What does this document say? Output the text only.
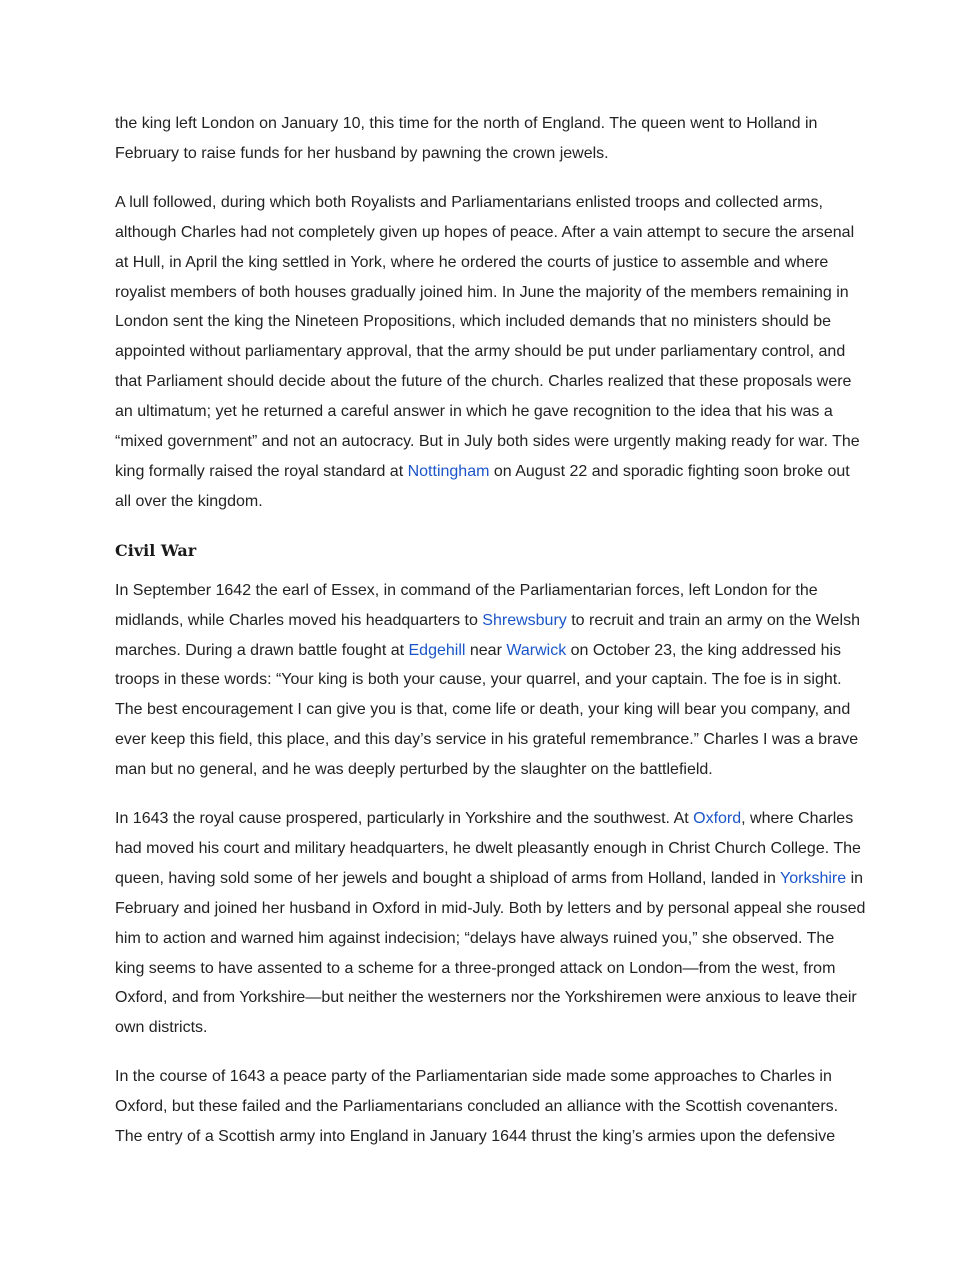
the king left London on January 10, this time for the north of England. The queen went to Holland in February to raise funds for her husband by pawning the crown jewels.

A lull followed, during which both Royalists and Parliamentarians enlisted troops and collected arms, although Charles had not completely given up hopes of peace. After a vain attempt to secure the arsenal at Hull, in April the king settled in York, where he ordered the courts of justice to assemble and where royalist members of both houses gradually joined him. In June the majority of the members remaining in London sent the king the Nineteen Propositions, which included demands that no ministers should be appointed without parliamentary approval, that the army should be put under parliamentary control, and that Parliament should decide about the future of the church. Charles realized that these proposals were an ultimatum; yet he returned a careful answer in which he gave recognition to the idea that his was a “mixed government” and not an autocracy. But in July both sides were urgently making ready for war. The king formally raised the royal standard at Nottingham on August 22 and sporadic fighting soon broke out all over the kingdom.

Civil War

In September 1642 the earl of Essex, in command of the Parliamentarian forces, left London for the midlands, while Charles moved his headquarters to Shrewsbury to recruit and train an army on the Welsh marches. During a drawn battle fought at Edgehill near Warwick on October 23, the king addressed his troops in these words: “Your king is both your cause, your quarrel, and your captain. The foe is in sight. The best encouragement I can give you is that, come life or death, your king will bear you company, and ever keep this field, this place, and this day’s service in his grateful remembrance.” Charles I was a brave man but no general, and he was deeply perturbed by the slaughter on the battlefield.

In 1643 the royal cause prospered, particularly in Yorkshire and the southwest. At Oxford, where Charles had moved his court and military headquarters, he dwelt pleasantly enough in Christ Church College. The queen, having sold some of her jewels and bought a shipload of arms from Holland, landed in Yorkshire in February and joined her husband in Oxford in mid-July. Both by letters and by personal appeal she roused him to action and warned him against indecision; “delays have always ruined you,” she observed. The king seems to have assented to a scheme for a three-pronged attack on London—from the west, from Oxford, and from Yorkshire—but neither the westerners nor the Yorkshiremen were anxious to leave their own districts.

In the course of 1643 a peace party of the Parliamentarian side made some approaches to Charles in Oxford, but these failed and the Parliamentarians concluded an alliance with the Scottish covenanters. The entry of a Scottish army into England in January 1644 thrust the king’s armies upon the defensive
